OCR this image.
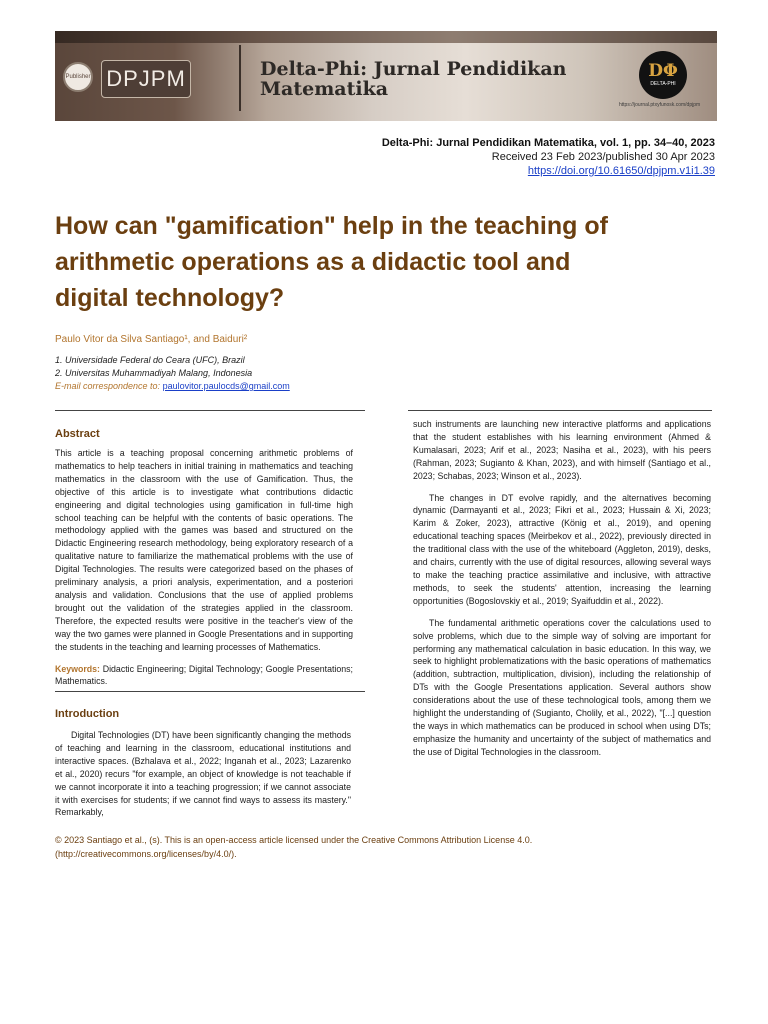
Publisher DPJPM	Delta-Phi: Jurnal Pendidikan Matematika
DΦ
DELTA-PHI
https://journal.ptxyfunosk.com/dpjpm
Delta-Phi: Jurnal Pendidikan Matematika, vol. 1, pp. 34–40, 2023
Received 23 Feb 2023/published 30 Apr 2023
https://doi.org/10.61650/dpjpm.v1i1.39
How can "gamification" help in the teaching of arithmetic operations as a didactic tool and digital technology?
Paulo Vitor da Silva Santiago¹, and Baiduri²
1. Universidade Federal do Ceara (UFC), Brazil
2. Universitas Muhammadiyah Malang, Indonesia
E-mail correspondence to: paulovitor.paulocds@gmail.com
Abstract

This article is a teaching proposal concerning arithmetic problems of mathematics to help teachers in initial training in mathematics and teaching mathematics in the classroom with the use of Gamification. Thus, the objective of this article is to investigate what contributions didactic engineering and digital technologies using gamification in full-time high school teaching can be helpful with the contents of basic operations. The methodology applied with the games was based and structured on the Didactic Engineering research methodology, being exploratory research of a qualitative nature to familiarize the mathematical problems with the use of Digital Technologies. The results were categorized based on the phases of preliminary analysis, a priori analysis, experimentation, and a posteriori analysis and validation. Conclusions that the use of applied problems brought out the validation of the strategies applied in the classroom. Therefore, the expected results were positive in the teacher's view of the way the two games were planned in Google Presentations and in supporting the students in the teaching and learning processes of Mathematics.

Keywords: Didactic Engineering; Digital Technology; Google Presentations; Mathematics.

Introduction

Digital Technologies (DT) have been significantly changing the methods of teaching and learning in the classroom, educational institutions and interactive spaces. (Bzhalava et al., 2022; Inganah et al., 2023; Lazarenko et al., 2020) recurs "for example, an object of knowledge is not teachable if we cannot incorporate it into a teaching progression; if we cannot associate it with exercises for students; if we cannot find ways to assess its mastery." Remarkably,

such instruments are launching new interactive platforms and applications that the student establishes with his learning environment (Ahmed & Kumalasari, 2023; Arif et al., 2023; Nasiha et al., 2023), with his peers (Rahman, 2023; Sugianto & Khan, 2023), and with himself (Santiago et al., 2023; Schabas, 2023; Winson et al., 2023).

The changes in DT evolve rapidly, and the alternatives becoming dynamic (Darmayanti et al., 2023; Fikri et al., 2023; Hussain & Xi, 2023; Karim & Zoker, 2023), attractive (König et al., 2019), and opening educational teaching spaces (Meirbekov et al., 2022), previously directed in the traditional class with the use of the whiteboard (Aggleton, 2019), desks, and chairs, currently with the use of digital resources, allowing several ways to make the teaching practice assimilative and inclusive, with attractive methods, to seek the students' attention, increasing the learning opportunities (Bogoslovskiy et al., 2019; Syaifuddin et al., 2022).

The fundamental arithmetic operations cover the calculations used to solve problems, which due to the simple way of solving are important for performing any mathematical calculation in basic education. In this way, we seek to highlight problematizations with the basic operations of mathematics (addition, subtraction, multiplication, division), including the relationship of DTs with the Google Presentations application. Several authors show considerations about the use of these technological tools, among them we highlight the understanding of (Sugianto, Cholily, et al., 2022), "[...] question the ways in which mathematics can be produced in school when using DTs; emphasize the humanity and uncertainty of the subject of mathematics and the use of Digital Technologies in the classroom.

© 2023 Santiago et al., (s). This is an open-access article licensed under the Creative Commons Attribution License 4.0.
(http://creativecommons.org/licenses/by/4.0/).
